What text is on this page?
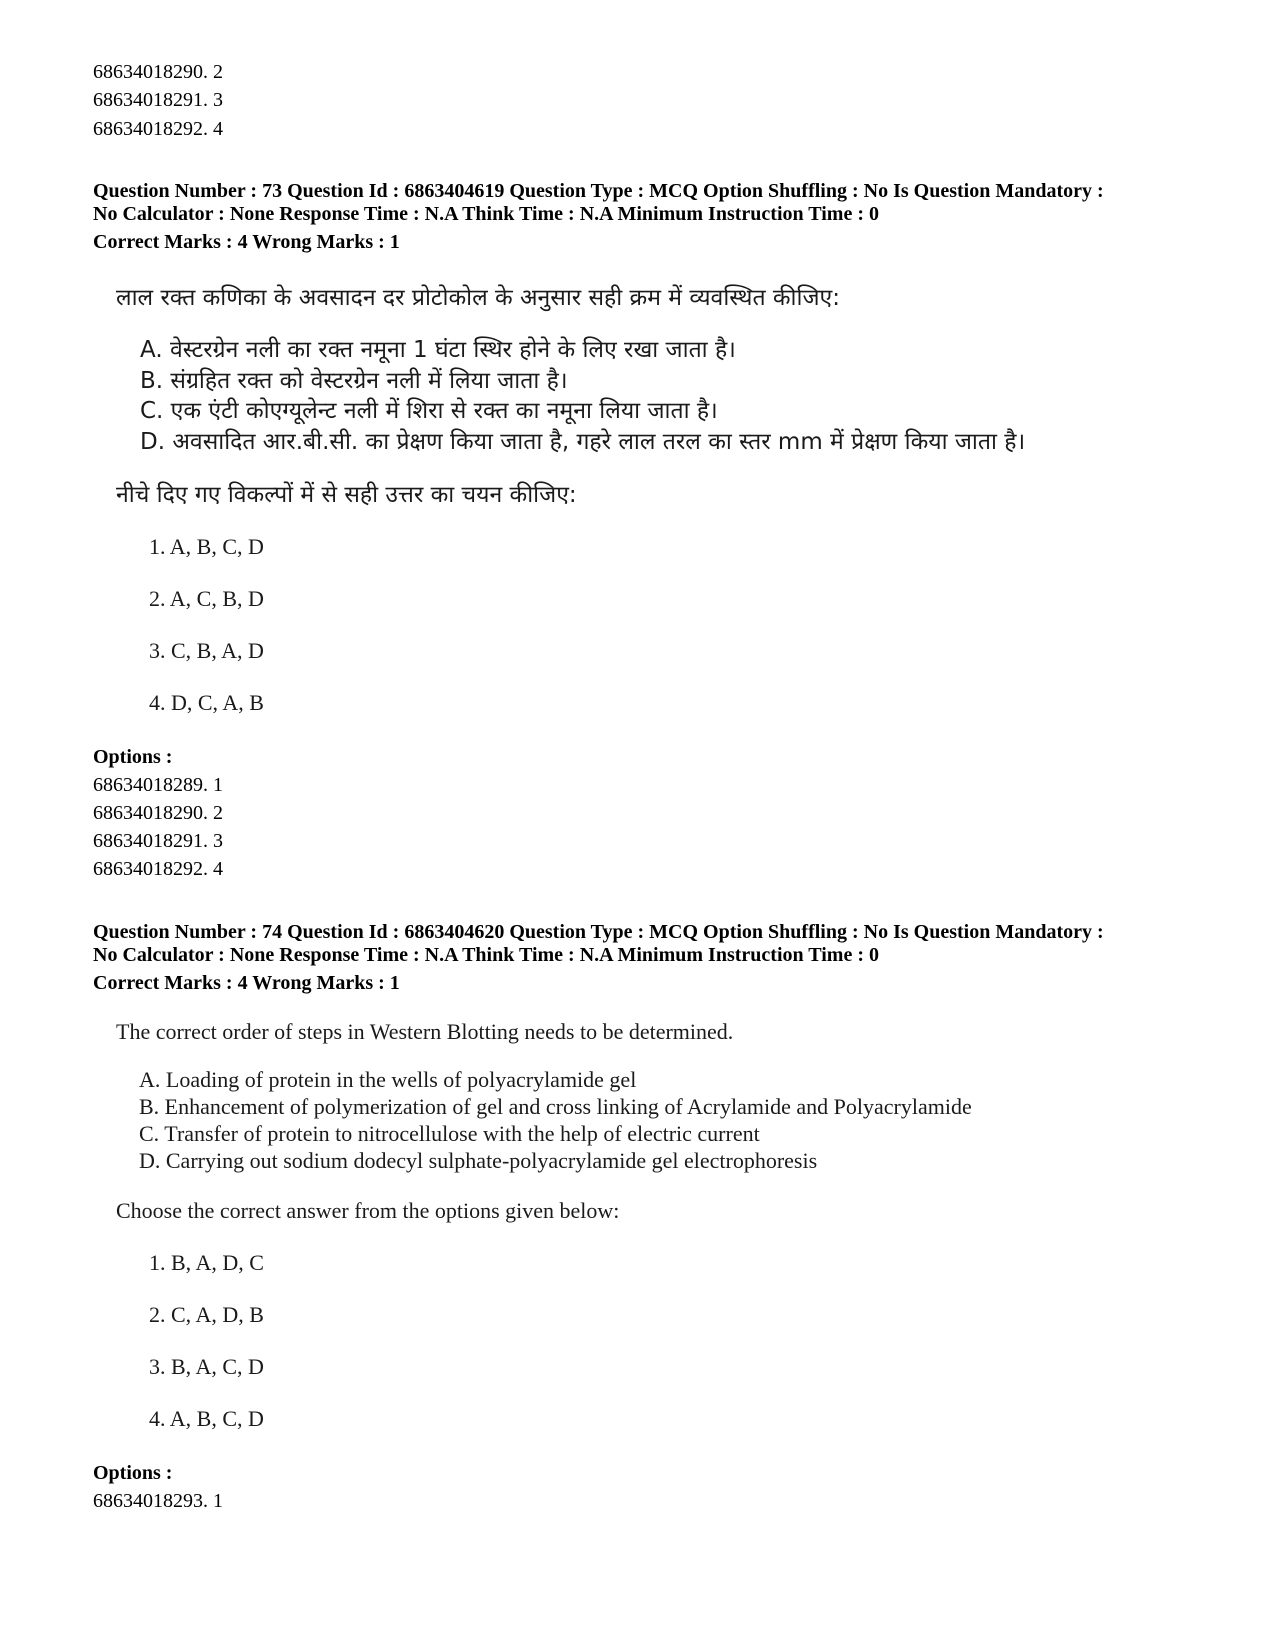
68634018290. 2
68634018291. 3
68634018292. 4
Question Number : 73 Question Id : 6863404619 Question Type : MCQ Option Shuffling : No Is Question Mandatory :
No Calculator : None Response Time : N.A Think Time : N.A Minimum Instruction Time : 0
Correct Marks : 4 Wrong Marks : 1
लाल रक्त कणिका के अवसादन दर प्रोटोकोल के अनुसार सही क्रम में व्यवस्थित कीजिए:
A. वेस्टरग्रेन नली का रक्त नमूना 1 घंटा स्थिर होने के लिए रखा जाता है।
B. संग्रहित रक्त को वेस्टरग्रेन नली में लिया जाता है।
C. एक एंटी कोएग्यूलेन्ट नली में शिरा से रक्त का नमूना लिया जाता है।
D. अवसादित आर.बी.सी. का प्रेक्षण किया जाता है, गहरे लाल तरल का स्तर mm में प्रेक्षण किया जाता है।
नीचे दिए गए विकल्पों में से सही उत्तर का चयन कीजिए:
1. A, B, C, D
2. A, C, B, D
3. C, B, A, D
4. D, C, A, B
Options :
68634018289. 1
68634018290. 2
68634018291. 3
68634018292. 4
Question Number : 74 Question Id : 6863404620 Question Type : MCQ Option Shuffling : No Is Question Mandatory :
No Calculator : None Response Time : N.A Think Time : N.A Minimum Instruction Time : 0
Correct Marks : 4 Wrong Marks : 1
The correct order of steps in Western Blotting needs to be determined.
A. Loading of protein in the wells of polyacrylamide gel
B. Enhancement of polymerization of gel and cross linking of Acrylamide and Polyacrylamide
C. Transfer of protein to nitrocellulose with the help of electric current
D. Carrying out sodium dodecyl sulphate-polyacrylamide gel electrophoresis
Choose the correct answer from the options given below:
1. B, A, D, C
2. C, A, D, B
3. B, A, C, D
4. A, B, C, D
Options :
68634018293. 1
